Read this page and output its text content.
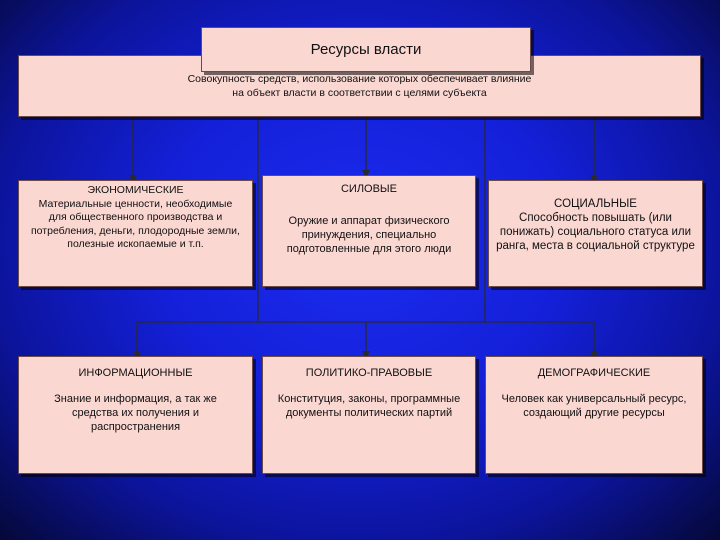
Ресурсы власти
Совокупность средств, использование которых обеспечивает влияние
на объект власти в соответствии с целями субъекта
ЭКОНОМИЧЕСКИЕ
Материальные ценности, необходимые для общественного производства и потребления, деньги, плодородные земли, полезные ископаемые и т.п.
СИЛОВЫЕ
Оружие и аппарат физического принуждения, специально подготовленные для этого люди
СОЦИАЛЬНЫЕ
Способность повышать (или понижать) социального статуса или ранга, места в социальной структуре
ИНФОРМАЦИОННЫЕ
Знание и информация, а так же средства их получения и распространения
ПОЛИТИКО-ПРАВОВЫЕ
Конституция, законы, программные документы политических партий
ДЕМОГРАФИЧЕСКИЕ
Человек как универсальный ресурс, создающий другие ресурсы
